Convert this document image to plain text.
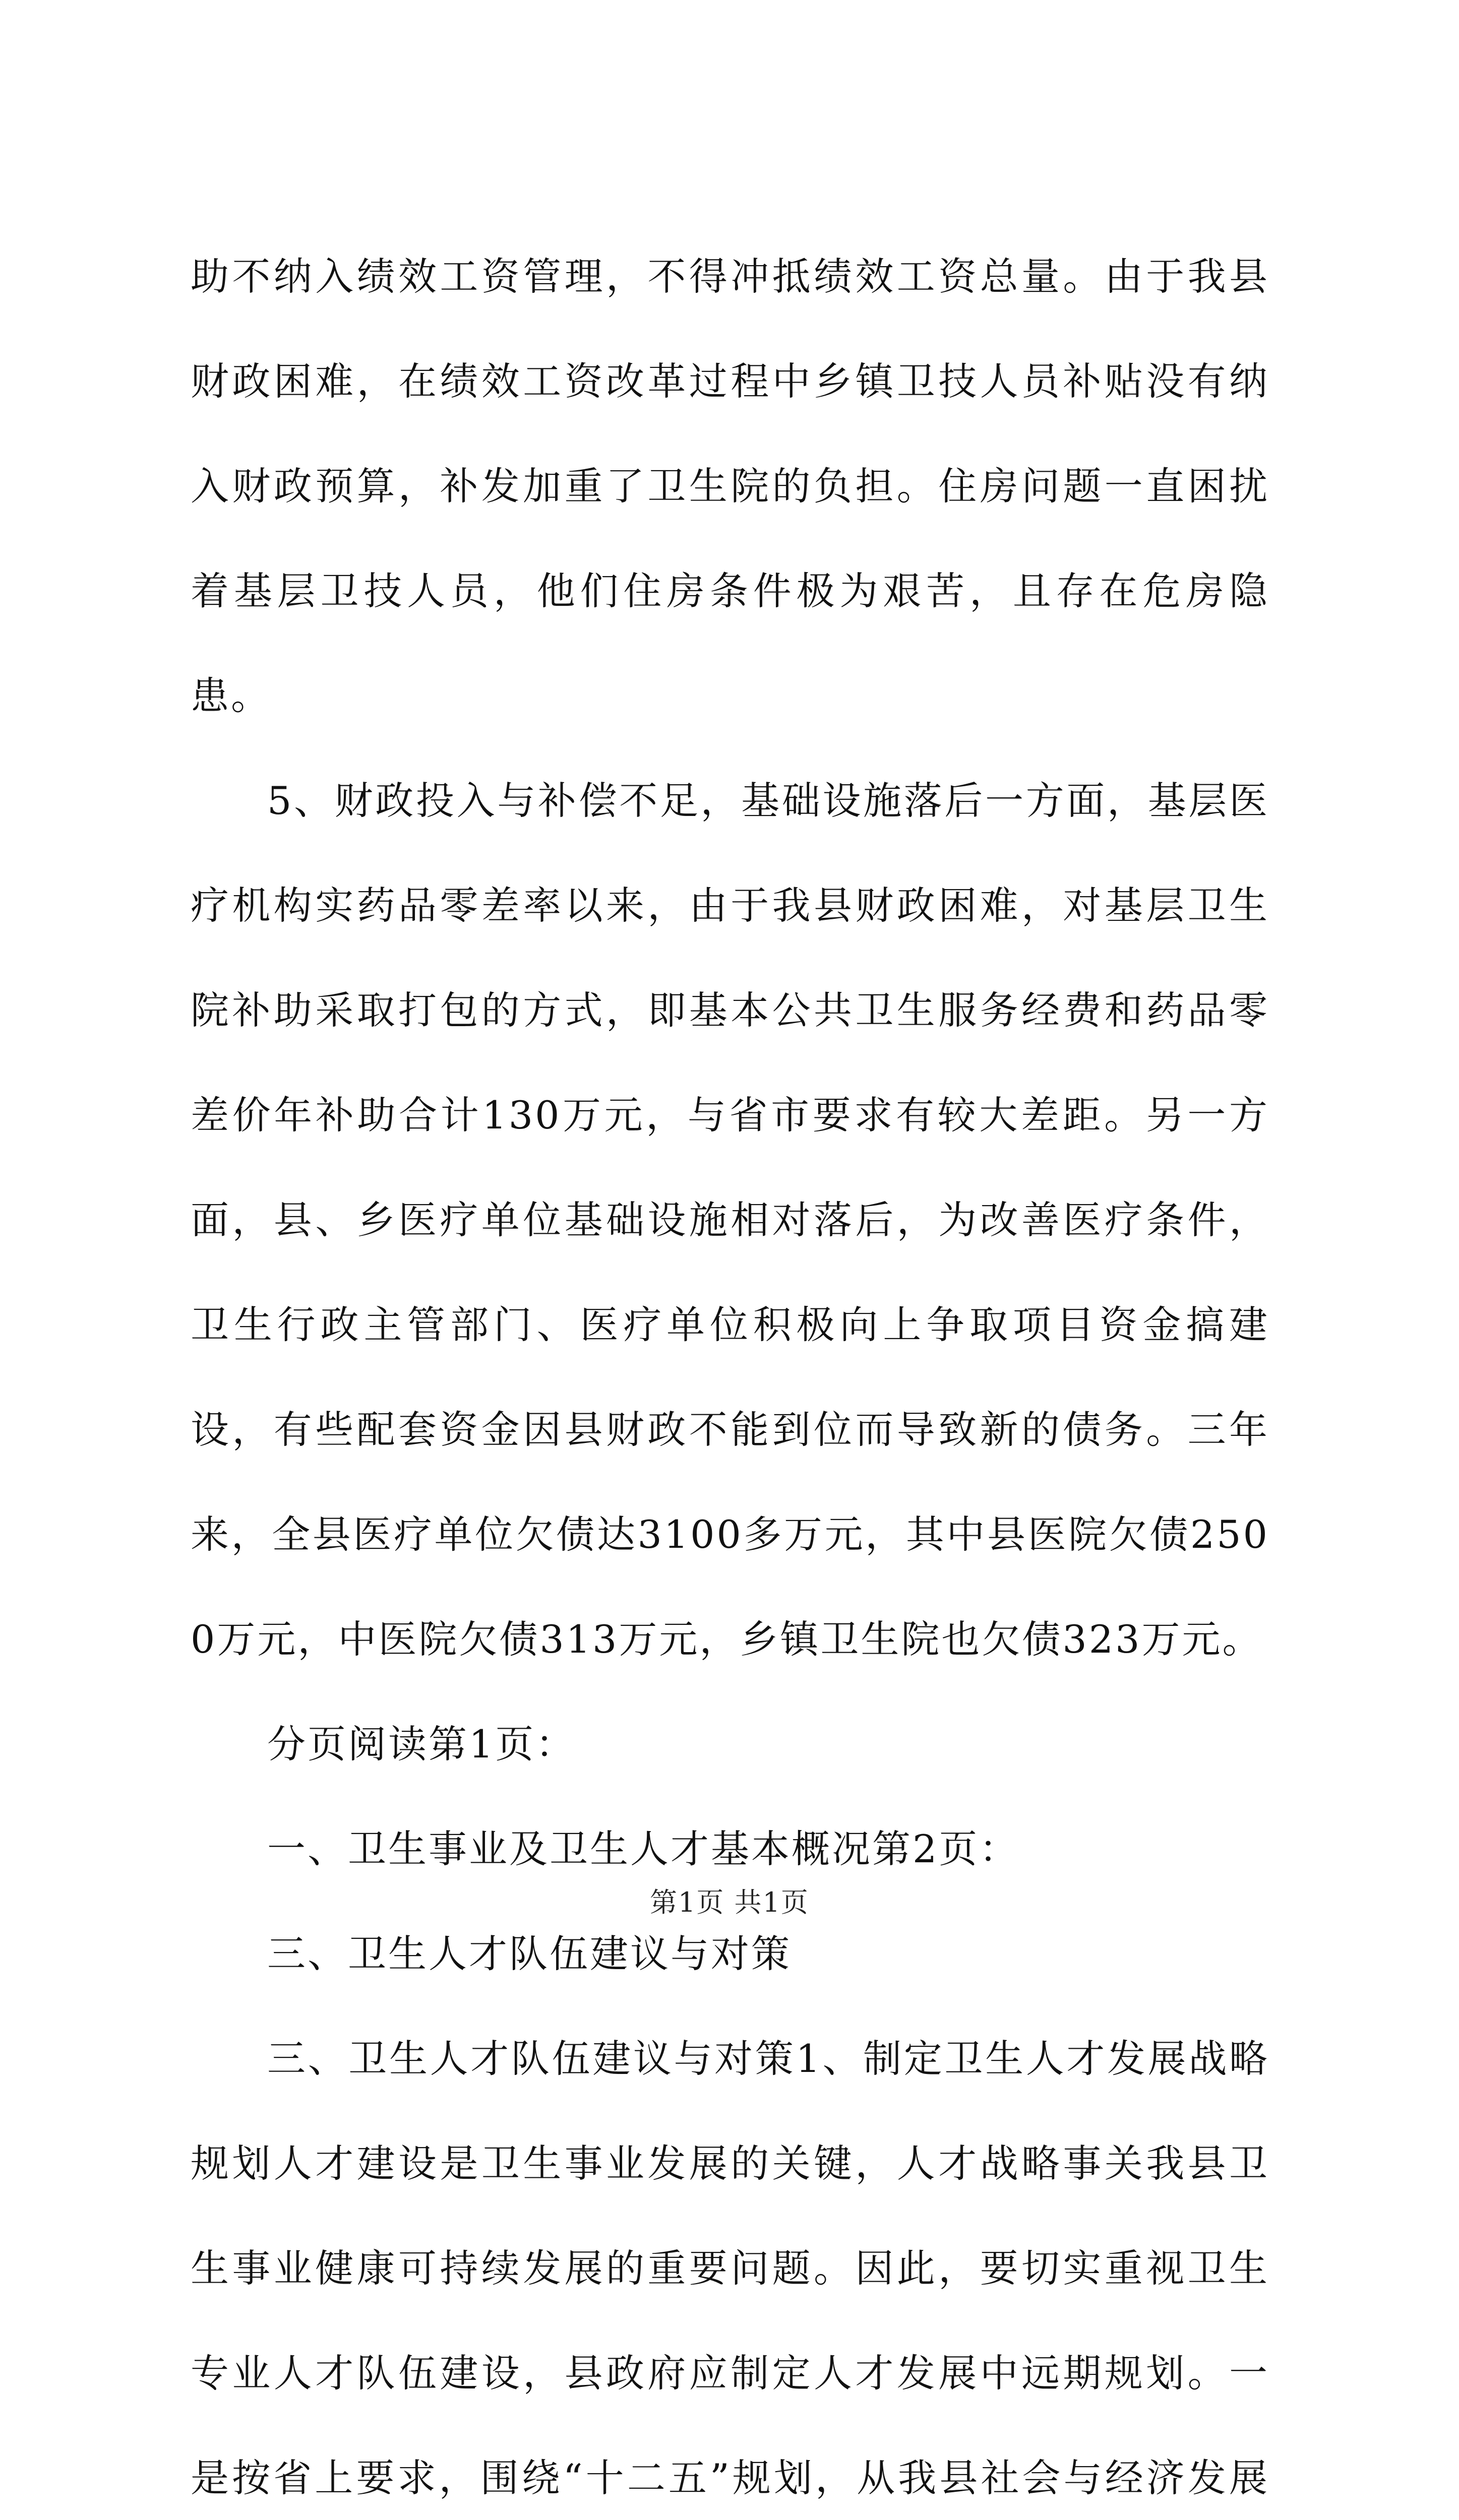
助不纳入绩效工资管理，不得冲抵绩效工资总量。由于我县财政困难，在绩效工资改革过程中乡镇卫技人员补贴没有纳入财政预算，补发加重了卫生院的负担。住房问题一直困扰着基层卫技人员，他们住房条件极为艰苦，且存在危房隐患。

5、财政投入与补偿不足，基础设施落后一方面，基层医疗机构实药品零差率以来，由于我县财政困难，对基层卫生院补助采取打包的方式，即基本公共卫生服务经费和药品零差价年补助合计130万元，与省市要求有较大差距。另一方面，县、乡医疗单位基础设施相对落后，为改善医疗条件，卫生行政主管部门、医疗单位积极向上争取项目资金搞建设，有些配套资金因县财政不能到位而导致新的债务。三年来，全县医疗单位欠债达3100多万元，其中县医院欠债2500万元，中医院欠债313万元，乡镇卫生院也欠债323万元。

分页阅读第1页：

一、卫生事业及卫生人才基本概况第2页：

三、卫生人才队伍建议与对策

三、卫生人才队伍建议与对策1、制定卫生人才发展战略规划人才建设是卫生事业发展的关键，人才战略事关我县卫生事业健康可持续发展的重要问题。因此，要切实重视卫生专业人才队伍建设，县政府应制定人才发展中远期规划。一是按省上要求，围绕“十二五”规划，从我县社会与经济发展

第1页 共1页
